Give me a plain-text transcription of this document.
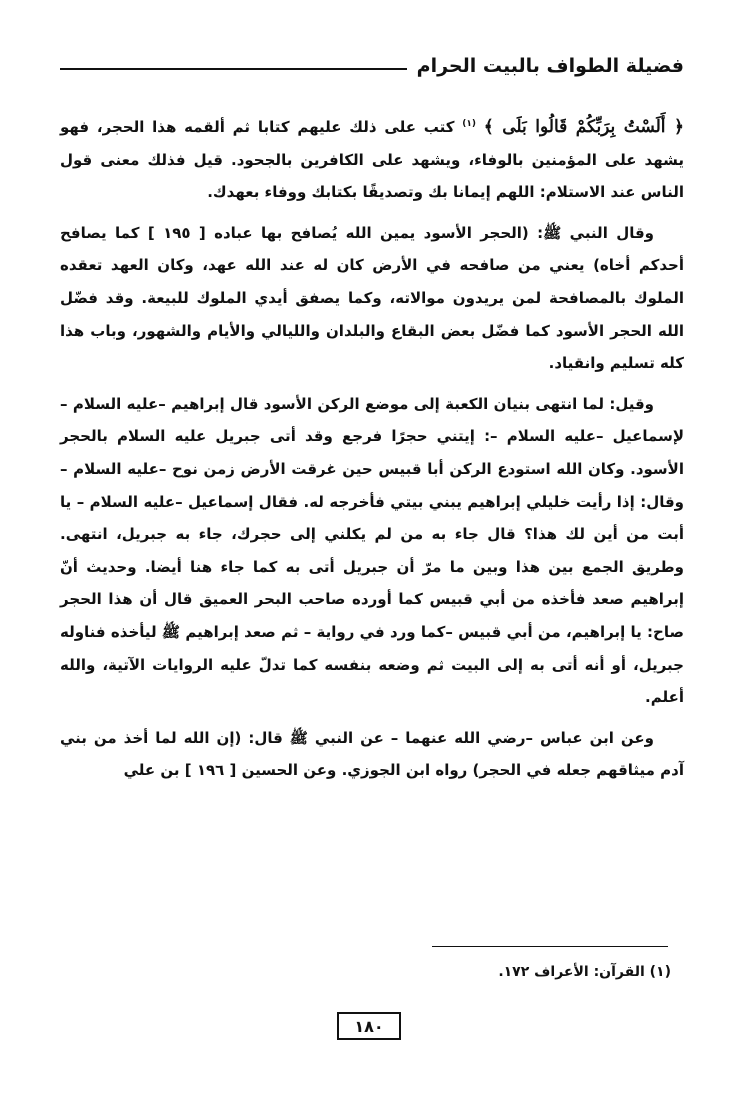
فضيلة الطواف بالبيت الحرام

﴿ أَلَسْتُ بِرَبِّكُمْ قَالُوا بَلَى ﴾ $^{(١)}$ كتب على ذلك عليهم كتابا ثم ألقمه هذا الحجر، فهو يشهد على المؤمنين بالوفاء، ويشهد على الكافرين بالجحود. قيل فذلك معنى قول الناس عند الاستلام: اللهم إيمانا بك وتصديقًا بكتابك ووفاء بعهدك.

وقال النبي ﷺ: (الحجر الأسود يمين الله يُصافح بها عباده [ ١٩٥ ] كما يصافح أحدكم أخاه) يعني من صافحه في الأرض كان له عند الله عهد، وكان العهد تعقده الملوك بالمصافحة لمن يريدون موالاته، وكما يصفق أيدي الملوك للبيعة. وقد فضّل الله الحجر الأسود كما فضّل بعض البقاع والبلدان والليالي والأيام والشهور، وباب هذا كله تسليم وانقياد.

وقيل: لما انتهى بنيان الكعبة إلى موضع الركن الأسود قال إبراهيم –عليه السلام – لإسماعيل –عليه السلام –: إيتني حجرًا فرجع وقد أتى جبريل عليه السلام بالحجر الأسود. وكان الله استودع الركن أبا قبيس حين غرقت الأرض زمن نوح –عليه السلام – وقال: إذا رأيت خليلي إبراهيم يبني بيتي فأخرجه له. فقال إسماعيل –عليه السلام – يا أبت من أين لك هذا؟ قال جاء به من لم يكلني إلى حجرك، جاء به جبريل، انتهى. وطريق الجمع بين هذا وبين ما مرّ أن جبريل أتى به كما جاء هنا أيضا. وحديث أنّ إبراهيم صعد فأخذه من أبي قبيس كما أورده صاحب البحر العميق قال أن هذا الحجر صاح: يا إبراهيم، من أبي قبيس –كما ورد في رواية – ثم صعد إبراهيم ﷺ ليأخذه فناوله جبريل، أو أنه أتى به إلى البيت ثم وضعه بنفسه كما تدلّ عليه الروايات الآتية، والله أعلم.

وعن ابن عباس –رضي الله عنهما – عن النبي ﷺ قال: (إن الله لما أخذ من بني آدم ميثاقهم جعله في الحجر) رواه ابن الجوزي. وعن الحسين [ ١٩٦ ] بن علي

(١) القرآن: الأعراف ١٧٢.
١٨٠
